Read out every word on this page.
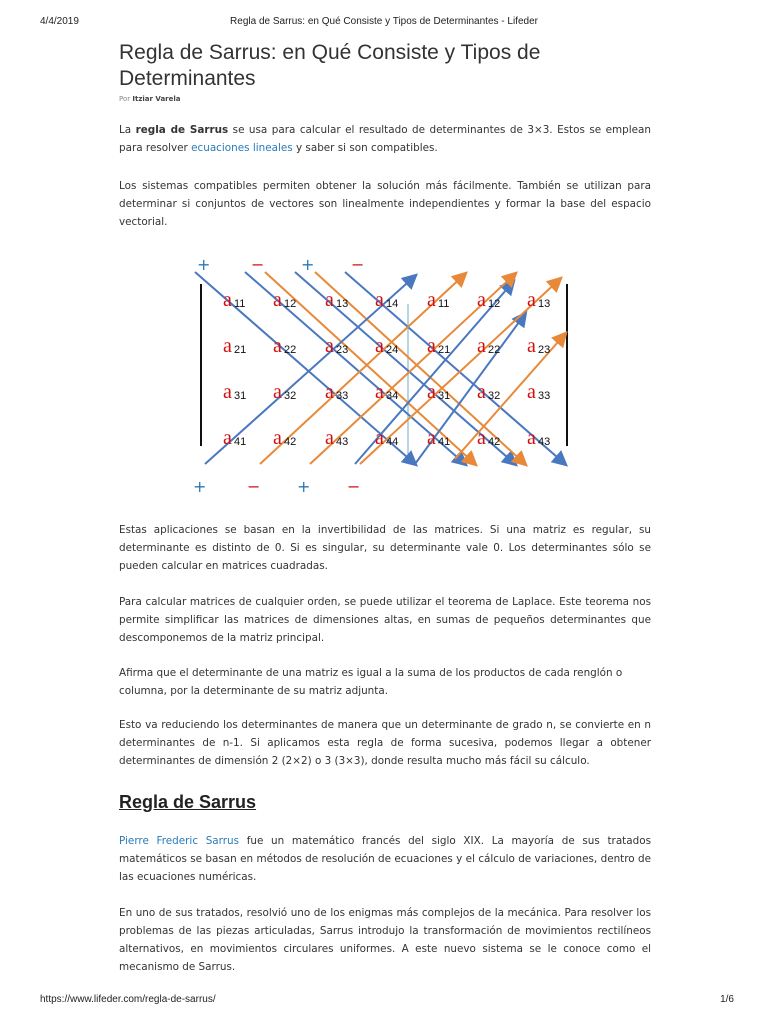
4/4/2019	Regla de Sarrus: en Qué Consiste y Tipos de Determinantes - Lifeder
Regla de Sarrus: en Qué Consiste y Tipos de Determinantes
Por Itziar Varela

La regla de Sarrus se usa para calcular el resultado de determinantes de 3×3. Estos se emplean para resolver ecuaciones lineales y saber si son compatibles.

Los sistemas compatibles permiten obtener la solución más fácilmente. También se utilizan para determinar si conjuntos de vectores son linealmente independientes y formar la base del espacio vectorial.

a 11 a 12 a 13 a 14 a 11 a 12 a 13
a 21 a 22 a 23 a 24 a 21 a 22 a 23
a 31 a 32 a 33 a 34 a 31 a 32 a 33
a 41 a 42 a 43 a 44 a 41 a 42 a 43
+	− + −
+	− + −

Estas aplicaciones se basan en la invertibilidad de las matrices. Si una matriz es regular, su determinante es distinto de 0. Si es singular, su determinante vale 0. Los determinantes sólo se pueden calcular en matrices cuadradas.

Para calcular matrices de cualquier orden, se puede utilizar el teorema de Laplace. Este teorema nos permite simplificar las matrices de dimensiones altas, en sumas de pequeños determinantes que descomponemos de la matriz principal.

Afirma que el determinante de una matriz es igual a la suma de los productos de cada renglón o columna, por la determinante de su matriz adjunta.

Esto va reduciendo los determinantes de manera que un determinante de grado n, se convierte en n determinantes de n-1. Si aplicamos esta regla de forma sucesiva, podemos llegar a obtener determinantes de dimensión 2 (2×2) o 3 (3×3), donde resulta mucho más fácil su cálculo.

Regla de Sarrus

Pierre Frederic Sarrus fue un matemático francés del siglo XIX. La mayoría de sus tratados matemáticos se basan en métodos de resolución de ecuaciones y el cálculo de variaciones, dentro de las ecuaciones numéricas.

En uno de sus tratados, resolvió uno de los enigmas más complejos de la mecánica. Para resolver los problemas de las piezas articuladas, Sarrus introdujo la transformación de movimientos rectilíneos alternativos, en movimientos circulares uniformes. A este nuevo sistema se le conoce como el mecanismo de Sarrus.

https://www.lifeder.com/regla-de-sarrus/	1/6
